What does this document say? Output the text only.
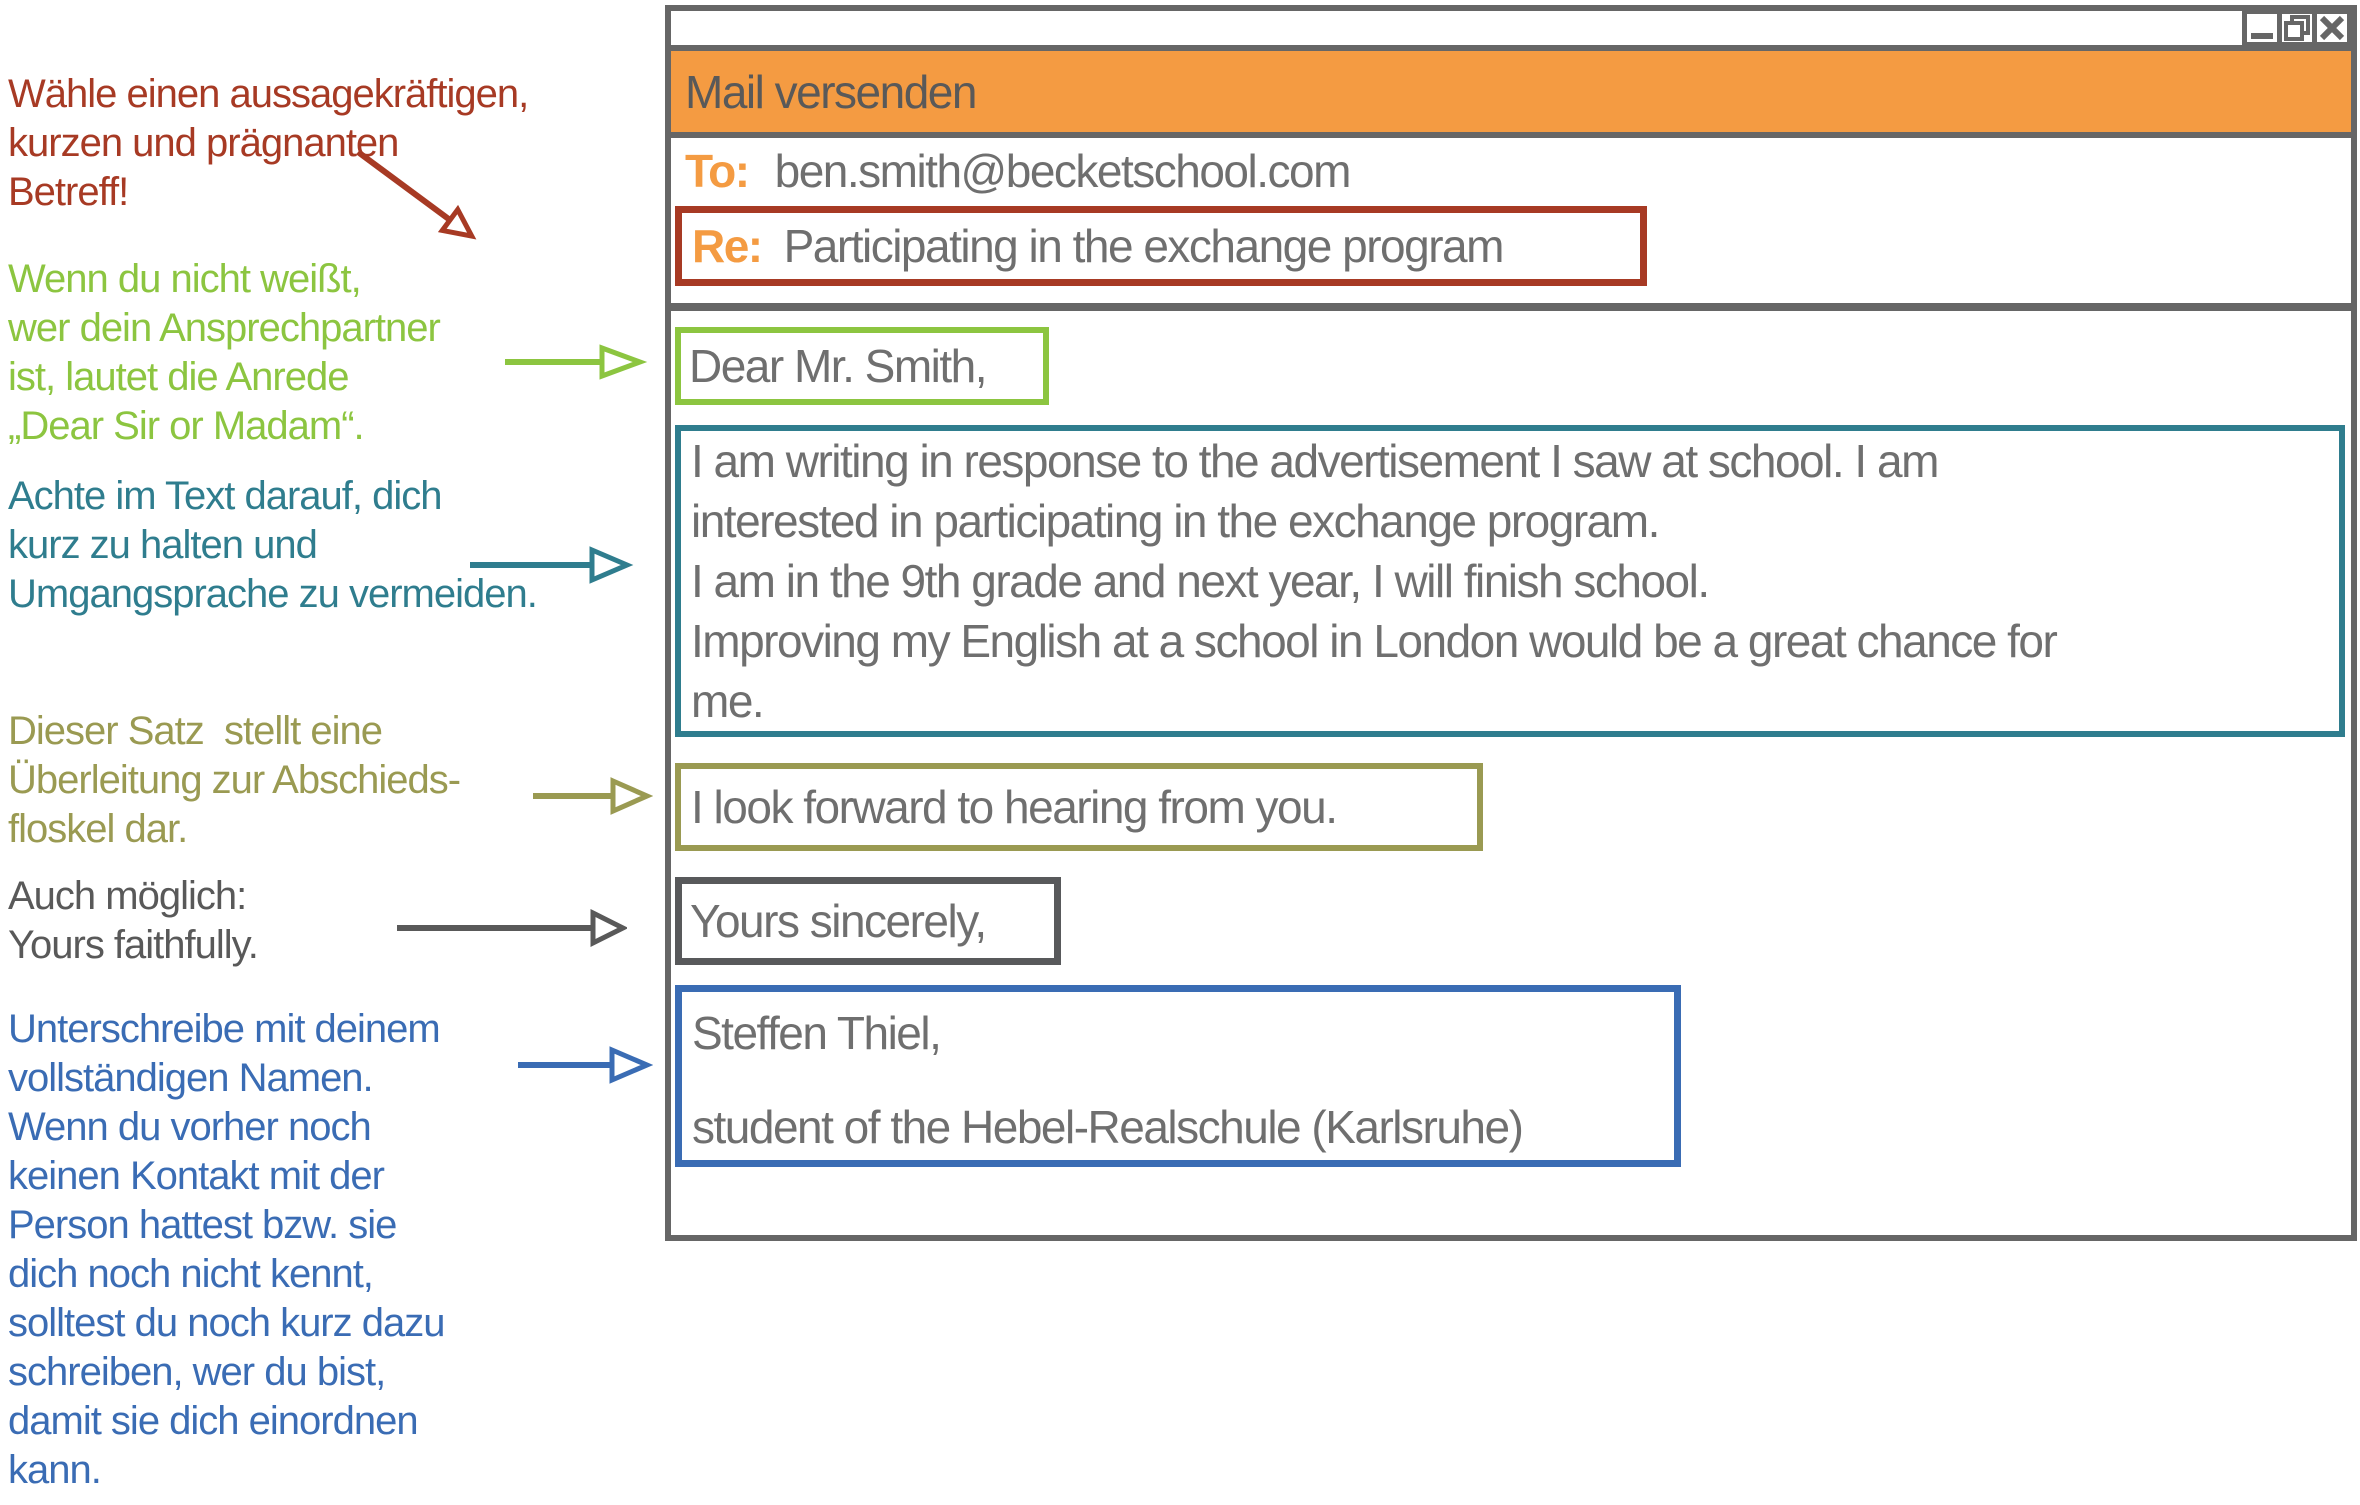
Wähle einen aussagekräftigen,
kurzen und prägnanten
Betreff!
Wenn du nicht weißt,
wer dein Ansprechpartner
ist, lautet die Anrede
„Dear Sir or Madam“.
Achte im Text darauf, dich
kurz zu halten und
Umgangsprache zu vermeiden.
Dieser Satz  stellt eine
Überleitung zur Abschieds-
floskel dar.
Auch möglich:
Yours faithfully.
Unterschreibe mit deinem
vollständigen Namen.
Wenn du vorher noch
keinen Kontakt mit der
Person hattest bzw. sie
dich noch nicht kennt,
solltest du noch kurz dazu
schreiben, wer du bist,
damit sie dich einordnen
kann.
Mail versenden
To: ben.smith@becketschool.com
Re: Participating in the exchange program
Dear Mr. Smith,
I am writing in response to the advertisement I saw at school. I am
interested in participating in the exchange program.
I am in the 9th grade and next year, I will finish school.
Improving my English at a school in London would be a great chance for
me.
I look forward to hearing from you.
Yours sincerely,
Steffen Thiel,
student of the Hebel-Realschule (Karlsruhe)
